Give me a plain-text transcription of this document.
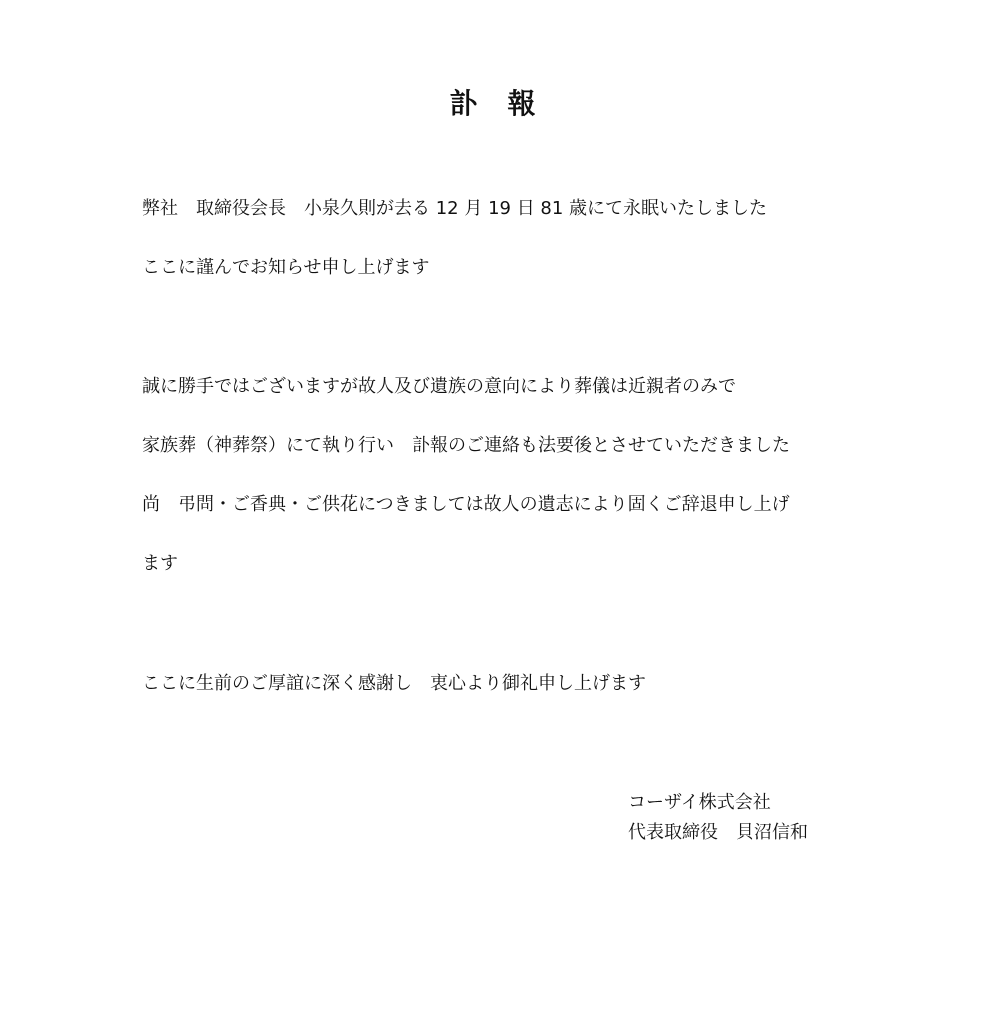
訃報
弊社　取締役会長　小泉久則が去る 12 月 19 日 81 歳にて永眠いたしました
ここに謹んでお知らせ申し上げます
誠に勝手ではございますが故人及び遺族の意向により葬儀は近親者のみで
家族葬（神葬祭）にて執り行い　訃報のご連絡も法要後とさせていただきました
尚　弔問・ご香典・ご供花につきましては故人の遺志により固くご辞退申し上げ
ます
ここに生前のご厚誼に深く感謝し　衷心より御礼申し上げます
コーザイ株式会社
代表取締役　貝沼信和
